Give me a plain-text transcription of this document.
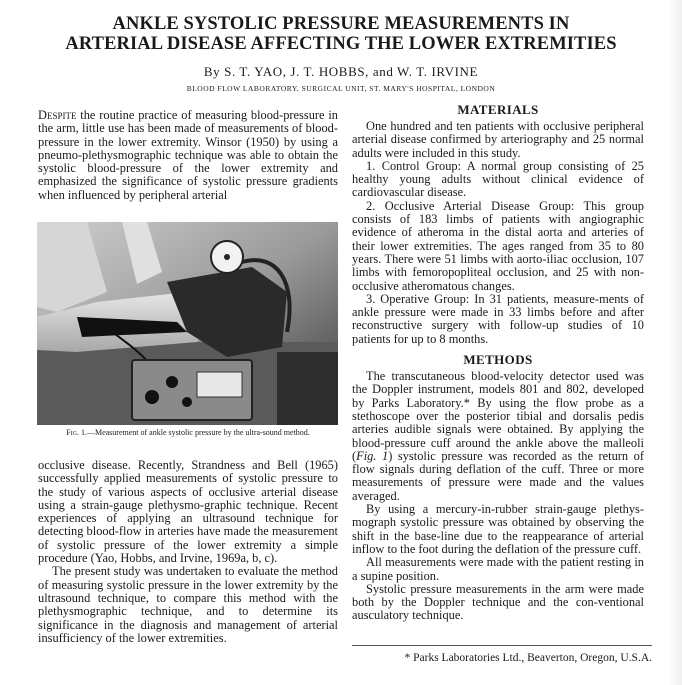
ANKLE SYSTOLIC PRESSURE MEASUREMENTS IN
ARTERIAL DISEASE AFFECTING THE LOWER EXTREMITIES
By S. T. YAO, J. T. HOBBS, and W. T. IRVINE
BLOOD FLOW LABORATORY, SURGICAL UNIT, ST. MARY'S HOSPITAL, LONDON

Despite the routine practice of measuring blood-pressure in the arm, little use has been made of measurements of blood-pressure in the lower extremity. Winsor (1950) by using a pneumo-plethysmographic technique was able to obtain the systolic blood-pressure of the lower extremity and emphasized the significance of systolic pressure gradients when influenced by peripheral arterial

Fig. 1.—Measurement of ankle systolic pressure by the ultra-sound method.

occlusive disease. Recently, Strandness and Bell (1965) successfully applied measurements of systolic pressure to the study of various aspects of occlusive arterial disease using a strain-gauge plethysmo-graphic technique. Recent experiences of applying an ultrasound technique for detecting blood-flow in arteries have made the measurement of systolic pressure of the lower extremity a simple procedure (Yao, Hobbs, and Irvine, 1969a, b, c).

The present study was undertaken to evaluate the method of measuring systolic pressure in the lower extremity by the ultrasound technique, to compare this method with the plethysmographic technique, and to determine its significance in the diagnosis and management of arterial insufficiency of the lower extremities.

MATERIALS

One hundred and ten patients with occlusive peripheral arterial disease confirmed by arteriography and 25 normal adults were included in this study.

1. Control Group: A normal group consisting of 25 healthy young adults without clinical evidence of cardiovascular disease.

2. Occlusive Arterial Disease Group: This group consists of 183 limbs of patients with angiographic evidence of atheroma in the distal aorta and arteries of their lower extremities. The ages ranged from 35 to 80 years. There were 51 limbs with aorto-iliac occlusion, 107 limbs with femoropopliteal occlusion, and 25 with non-occlusive atheromatous changes.

3. Operative Group: In 31 patients, measure-ments of ankle pressure were made in 33 limbs before and after reconstructive surgery with follow-up studies of 10 patients for up to 8 months.

METHODS

The transcutaneous blood-velocity detector used was the Doppler instrument, models 801 and 802, developed by Parks Laboratory.* By using the flow probe as a stethoscope over the posterior tibial and dorsalis pedis arteries audible signals were obtained. By applying the blood-pressure cuff around the ankle above the malleoli (Fig. 1) systolic pressure was recorded as the return of flow signals during deflation of the cuff. Three or more measurements of pressure were made and the values averaged.

By using a mercury-in-rubber strain-gauge plethys-mograph systolic pressure was obtained by observing the shift in the base-line due to the reappearance of arterial inflow to the foot during the deflation of the pressure cuff.

All measurements were made with the patient resting in a supine position.

Systolic pressure measurements in the arm were made both by the Doppler technique and the con-ventional ausculatory technique.

* Parks Laboratories Ltd., Beaverton, Oregon, U.S.A.
